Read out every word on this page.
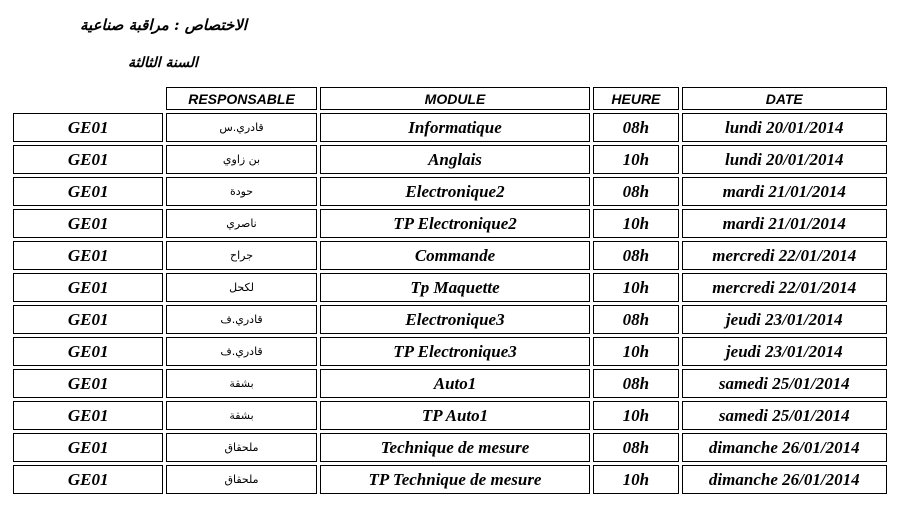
الاختصاص : مراقبة صناعية
السنة الثالثة
	RESPONSABLE	MODULE	HEURE	DATE
GE01	قادري.س	Informatique	08h	lundi 20/01/2014
GE01	بن زاوي	Anglais	10h	lundi 20/01/2014
GE01	حودة	Electronique2	08h	mardi 21/01/2014
GE01	ناصري	TP Electronique2	10h	mardi 21/01/2014
GE01	جراح	Commande	08h	mercredi 22/01/2014
GE01	لكحل	Tp Maquette	10h	mercredi 22/01/2014
GE01	قادري.ف	Electronique3	08h	jeudi 23/01/2014
GE01	قادري.ف	TP Electronique3	10h	jeudi 23/01/2014
GE01	بشقة	Auto1	08h	samedi 25/01/2014
GE01	بشقة	TP Auto1	10h	samedi 25/01/2014
GE01	ملحقاق	Technique de mesure	08h	dimanche 26/01/2014
GE01	ملحقاق	TP Technique de mesure	10h	dimanche 26/01/2014
